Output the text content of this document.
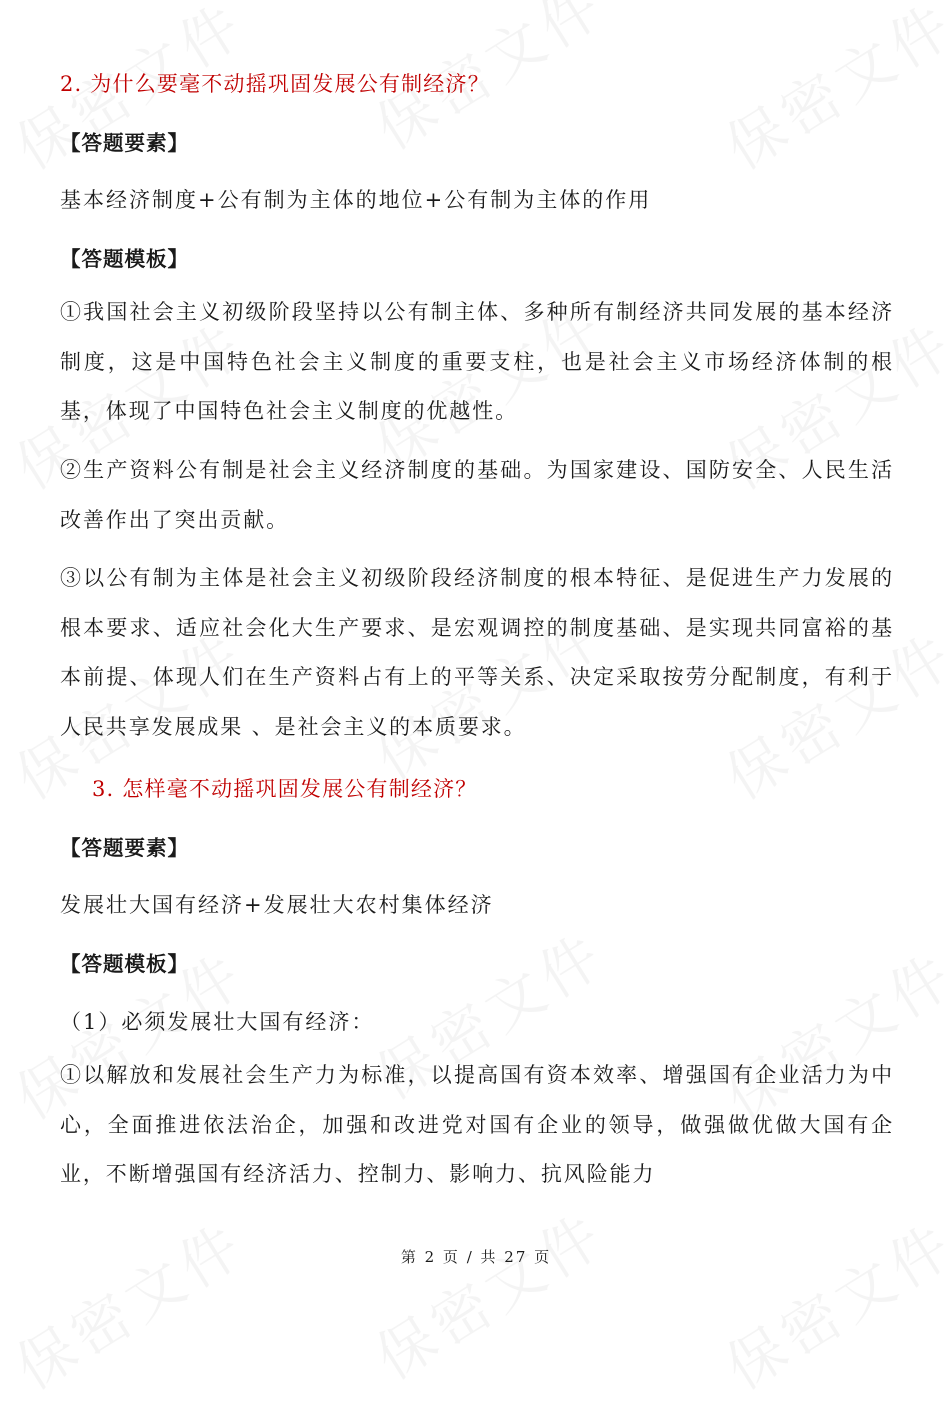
2. 为什么要毫不动摇巩固发展公有制经济？
【答题要素】
基本经济制度+公有制为主体的地位+公有制为主体的作用
【答题模板】
①我国社会主义初级阶段坚持以公有制主体、多种所有制经济共同发展的基本经济制度，这是中国特色社会主义制度的重要支柱，也是社会主义市场经济体制的根基，体现了中国特色社会主义制度的优越性。
②生产资料公有制是社会主义经济制度的基础。为国家建设、国防安全、人民生活改善作出了突出贡献。
③以公有制为主体是社会主义初级阶段经济制度的根本特征、是促进生产力发展的根本要求、适应社会化大生产要求、是宏观调控的制度基础、是实现共同富裕的基本前提、体现人们在生产资料占有上的平等关系、决定采取按劳分配制度，有利于人民共享发展成果 、是社会主义的本质要求。
3. 怎样毫不动摇巩固发展公有制经济？
【答题要素】
发展壮大国有经济+发展壮大农村集体经济
【答题模板】
（1）必须发展壮大国有经济：
①以解放和发展社会生产力为标准，以提高国有资本效率、增强国有企业活力为中心，全面推进依法治企，加强和改进党对国有企业的领导，做强做优做大国有企业，不断增强国有经济活力、控制力、影响力、抗风险能力
第 2 页 / 共 27 页
